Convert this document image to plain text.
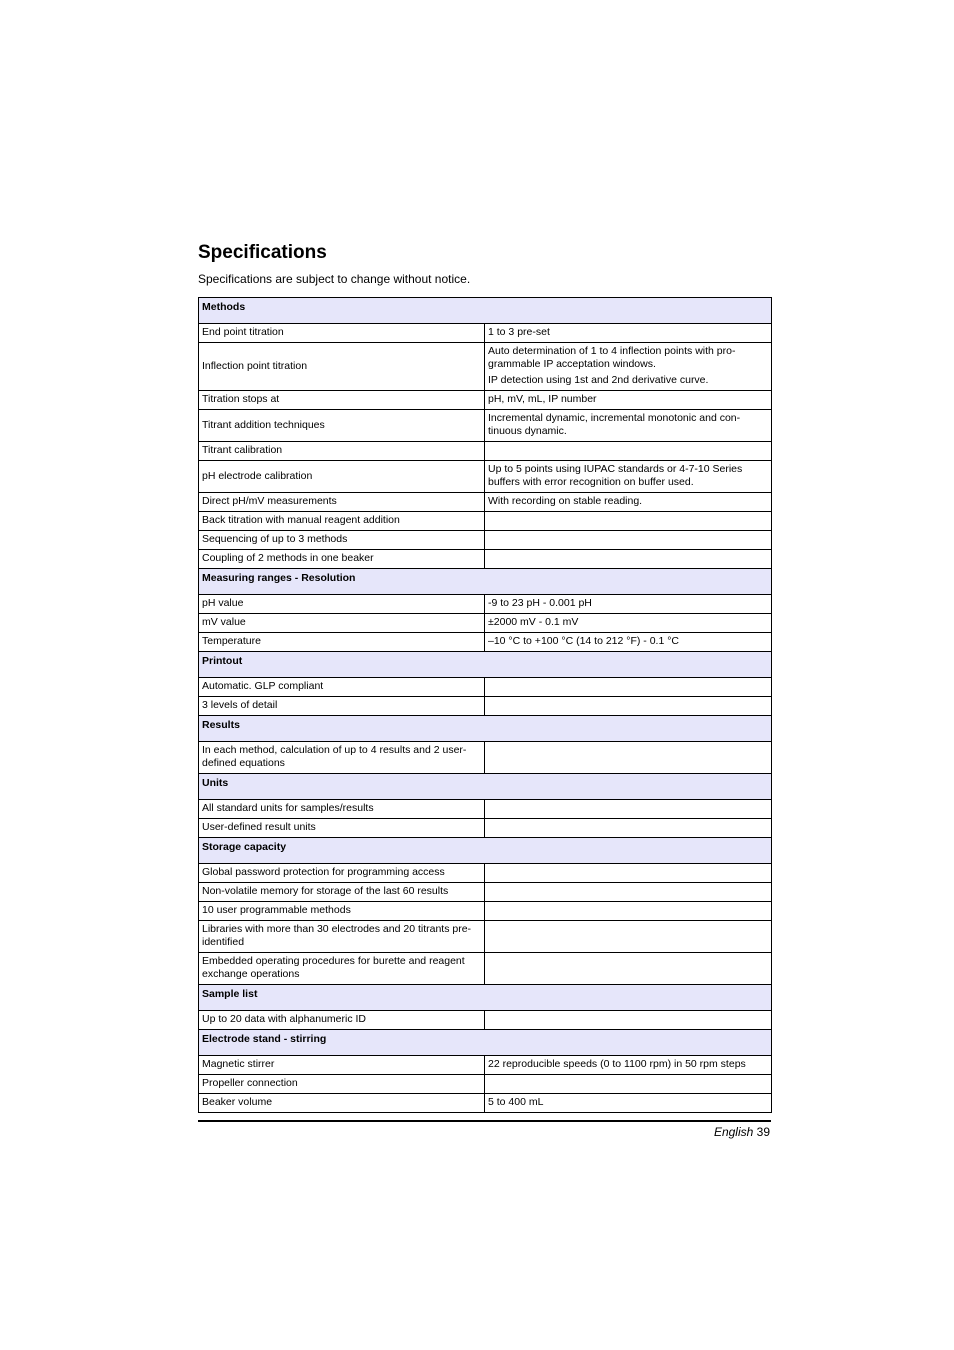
Specifications

Specifications are subject to change without notice.

Methods	
End point titration	1 to 3 pre-set

Inflection point titration	Auto determination of 1 to 4 inflection points with pro-grammable IP acceptation windows.
IP detection using 1st and 2nd derivative curve.

Titration stops at	pH, mV, mL, IP number

Titrant addition techniques	Incremental dynamic, incremental monotonic and con-tinuous dynamic.

Titrant calibration	
pH electrode calibration	Up to 5 points using IUPAC standards or 4-7-10 Series buffers with error recognition on buffer used.

Direct pH/mV measurements	With recording on stable reading.

Back titration with manual reagent addition	
Sequencing of up to 3 methods	
Coupling of 2 methods in one beaker	
Measuring ranges - Resolution	
pH value	-9 to 23 pH - 0.001 pH

mV value	±2000 mV - 0.1 mV

Temperature	–10 °C to +100 °C (14 to 212 °F) - 0.1 °C

Printout	
Automatic. GLP compliant	
3 levels of detail	
Results	
In each method, calculation of up to 4 results and 2 user-defined equations	
Units	
All standard units for samples/results	
User-defined result units	
Storage capacity	
Global password protection for programming access	
Non-volatile memory for storage of the last 60 results	
10 user programmable methods	
Libraries with more than 30 electrodes and 20 titrants pre-identified	
Embedded operating procedures for burette and reagent exchange operations	
Sample list	
Up to 20 data with alphanumeric ID	
Electrode stand - stirring	
Magnetic stirrer	22 reproducible speeds (0 to 1100 rpm) in 50 rpm steps

Propeller connection	
Beaker volume	5 to 400 mL
English 39
